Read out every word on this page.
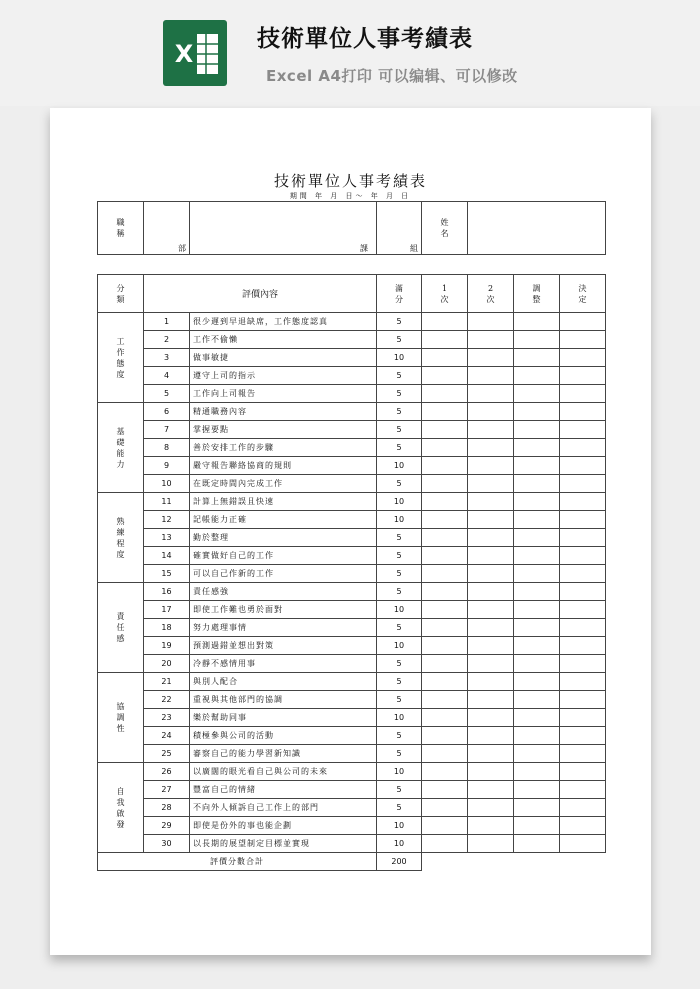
X
技術單位人事考績表
Excel A4打印 可以编辑、可以修改
技術單位人事考績表
期間 年 月 日～ 年 月 日
職稱	部	課	組	姓名	
分類	評價內容		滿分	1次	2次	調整	決定
工作態度	1	很少遲到早退缺席，工作態度認真	5				
	2	工作不偷懶	5				
	3	做事敏捷	10				
	4	遵守上司的指示	5				
	5	工作向上司報告	5				
基礎能力	6	精通職務內容	5				
	7	掌握要點	5				
	8	善於安排工作的步驟	5				
	9	嚴守報告聯絡協商的規則	10				
	10	在既定時間內完成工作	5				
熟練程度	11	計算上無錯誤且快速	10				
	12	記帳能力正確	10				
	13	勤於整理	5				
	14	確實做好自己的工作	5				
	15	可以自己作新的工作	5				
責任感	16	責任感強	5				
	17	即使工作難也勇於面對	10				
	18	努力處理事情	5				
	19	預測過錯並想出對策	10				
	20	冷靜不感情用事	5				
協調性	21	與別人配合	5				
	22	重視與其他部門的協調	5				
	23	樂於幫助同事	10				
	24	積極參與公司的活動	5				
	25	審察自己的能力學習新知識	5				
自我啟發	26	以廣闊的眼光看自己與公司的未來	10				
	27	豐富自己的情緒	5				
	28	不向外人傾訴自己工作上的部門	5				
	29	即使是份外的事也能企劃	10				
	30	以長期的展望制定目標並實現	10				
評價分數合計			200				
